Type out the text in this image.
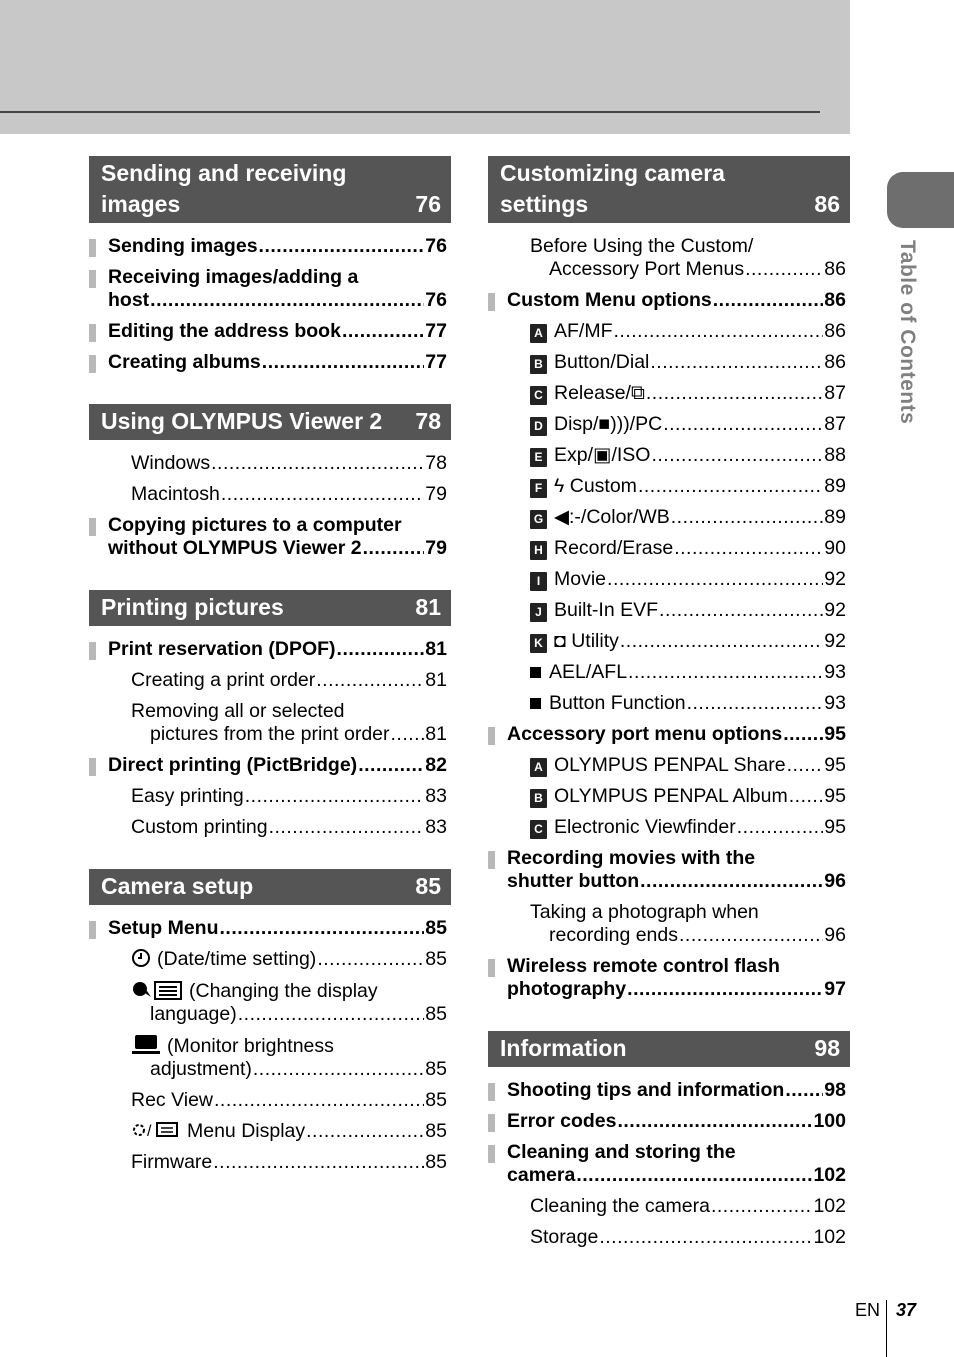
Table of Contents
Sending and receiving images	76
Sending images .....	76
Receiving images/adding a
host .....	76
Editing the address book .....	77
Creating albums .....	77
Using OLYMPUS Viewer 2	78
Windows .....	78
Macintosh .....	79
Copying pictures to a computer
without OLYMPUS Viewer 2 .....	79
Printing pictures	81
Print reservation (DPOF) .....	81
Creating a print order .....	81
Removing all or selected
pictures from the print order ..... 81
Direct printing (PictBridge) .....	82
Easy printing .....	83
Custom printing .....	83
Camera setup	85
Setup Menu .....	85
(Date/time setting) .....	85
(Changing the display
language) .....	85
(Monitor brightness
adjustment) .....	85
Rec View .....	85
/ Menu Display .....	85
Firmware .....	85
Customizing camera settings	86
Before Using the Custom/
Accessory Port Menus .....	86
Custom Menu options .....	86
A AF/MF .....	86
B Button/Dial .....	86
C Release/⧉ .....	87
D Disp/■)))/PC .....	87
E Exp/▣/ISO .....	88
F ϟ Custom .....	89
G ◀:-/Color/WB .....	89
H Record/Erase .....	90
I Movie .....	92
J Built-In EVF .....	92
K ◘ Utility .....	92
AEL/AFL .....	93
Button Function .....	93
Accessory port menu options ..... 95
A OLYMPUS PENPAL Share ..... 95
B OLYMPUS PENPAL Album ..... 95
C Electronic Viewfinder .....	95
Recording movies with the
shutter button .....	96
Taking a photograph when
recording ends .....	96
Wireless remote control flash
photography .....	97
Information	98
Shooting tips and information ..... 98
Error codes .....	100
Cleaning and storing the
camera .....	102
Cleaning the camera .....	102
Storage .....	102
EN 37
